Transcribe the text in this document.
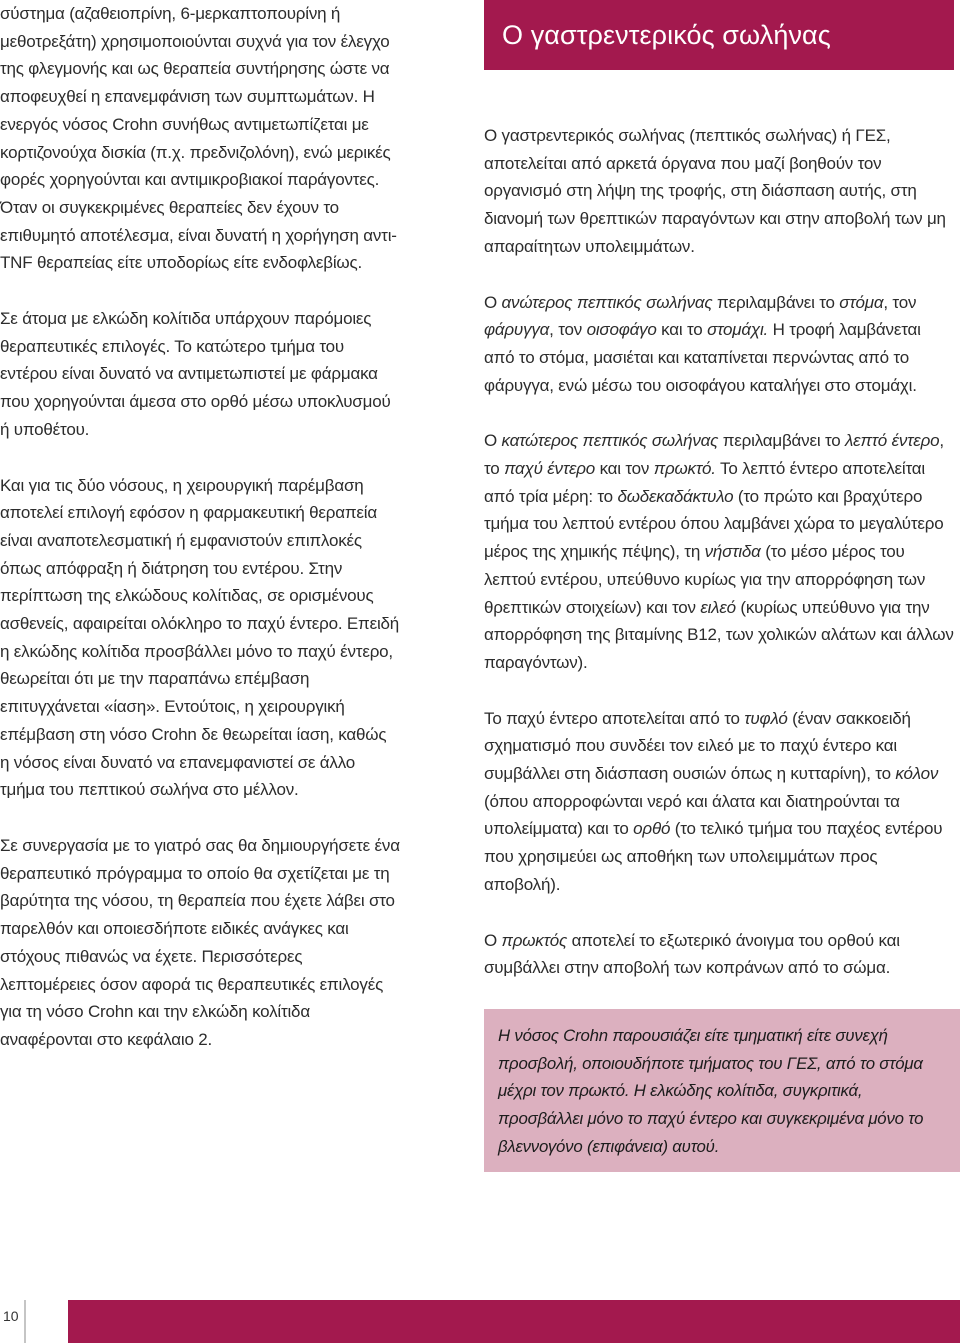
σύστημα (αζαθειοπρίνη, 6-μερκαπτοπουρίνη ή μεθοτρεξάτη) χρησιμοποιούνται συχνά για τον έλεγχο της φλεγμονής και ως θεραπεία συντήρησης ώστε να αποφευχθεί η επανεμφάνιση των συμπτωμάτων. Η ενεργός νόσος Crohn συνήθως αντιμετωπίζεται με κορτιζονούχα δισκία (π.χ. πρεδνιζολόνη), ενώ μερικές φορές χορηγούνται και αντιμικροβιακοί παράγοντες. Όταν οι συγκεκριμένες θεραπείες δεν έχουν το επιθυμητό αποτέλεσμα, είναι δυνατή η χορήγηση αντι-TNF θεραπείας είτε υποδορίως είτε ενδοφλεβίως.

Σε άτομα με ελκώδη κολίτιδα υπάρχουν παρόμοιες θεραπευτικές επιλογές. Το κατώτερο τμήμα του εντέρου είναι δυνατό να αντιμετωπιστεί με φάρμακα που χορηγούνται άμεσα στο ορθό μέσω υποκλυσμού ή υποθέτου.

Και για τις δύο νόσους, η χειρουργική παρέμβαση αποτελεί επιλογή εφόσον η φαρμακευτική θεραπεία είναι αναποτελεσματική ή εμφανιστούν επιπλοκές όπως απόφραξη ή διάτρηση του εντέρου. Στην περίπτωση της ελκώδους κολίτιδας, σε ορισμένους ασθενείς, αφαιρείται ολόκληρο το παχύ έντερο. Επειδή η ελκώδης κολίτιδα προσβάλλει μόνο το παχύ έντερο, θεωρείται ότι με την παραπάνω επέμβαση επιτυγχάνεται «ίαση». Εντούτοις, η χειρουργική επέμβαση στη νόσο Crohn δε θεωρείται ίαση, καθώς η νόσος είναι δυνατό να επανεμφανιστεί σε άλλο τμήμα του πεπτικού σωλήνα στο μέλλον.

Σε συνεργασία με το γιατρό σας θα δημιουργήσετε ένα θεραπευτικό πρόγραμμα το οποίο θα σχετίζεται με τη βαρύτητα της νόσου, τη θεραπεία που έχετε λάβει στο παρελθόν και οποιεσδήποτε ειδικές ανάγκες και στόχους πιθανώς να έχετε. Περισσότερες λεπτομέρειες όσον αφορά τις θεραπευτικές επιλογές για τη νόσο Crohn και την ελκώδη κολίτιδα αναφέρονται στο κεφάλαιο 2.

Ο γαστρεντερικός σωλήνας

Ο γαστρεντερικός σωλήνας (πεπτικός σωλήνας) ή ΓΕΣ, αποτελείται από αρκετά όργανα που μαζί βοηθούν τον οργανισμό στη λήψη της τροφής, στη διάσπαση αυτής, στη διανομή των θρεπτικών παραγόντων και στην αποβολή των μη απαραίτητων υπολειμμάτων.

Ο ανώτερος πεπτικός σωλήνας περιλαμβάνει το στόμα, τον φάρυγγα, τον οισοφάγο και το στομάχι. Η τροφή λαμβάνεται από το στόμα, μασιέται και καταπίνεται περνώντας από το φάρυγγα, ενώ μέσω του οισοφάγου καταλήγει στο στομάχι.

Ο κατώτερος πεπτικός σωλήνας περιλαμβάνει το λεπτό έντερο, το παχύ έντερο και τον πρωκτό. Το λεπτό έντερο αποτελείται από τρία μέρη: το δωδεκαδάκτυλο (το πρώτο και βραχύτερο τμήμα του λεπτού εντέρου όπου λαμβάνει χώρα το μεγαλύτερο μέρος της χημικής πέψης), τη νήστιδα (το μέσο μέρος του λεπτού εντέρου, υπεύθυνο κυρίως για την απορρόφηση των θρεπτικών στοιχείων) και τον ειλεό (κυρίως υπεύθυνο για την απορρόφηση της βιταμίνης Β12, των χολικών αλάτων και άλλων παραγόντων).

Το παχύ έντερο αποτελείται από το τυφλό (έναν σακκοειδή σχηματισμό που συνδέει τον ειλεό με το παχύ έντερο και συμβάλλει στη διάσπαση ουσιών όπως η κυτταρίνη), το κόλον (όπου απορροφώνται νερό και άλατα και διατηρούνται τα υπολείμματα) και το ορθό (το τελικό τμήμα του παχέος εντέρου που χρησιμεύει ως αποθήκη των υπολειμμάτων προς αποβολή).

Ο πρωκτός αποτελεί το εξωτερικό άνοιγμα του ορθού και συμβάλλει στην αποβολή των κοπράνων από το σώμα.

Η νόσος Crohn παρουσιάζει είτε τμηματική είτε συνεχή προσβολή, οποιουδήποτε τμήματος του ΓΕΣ, από το στόμα μέχρι τον πρωκτό. Η ελκώδης κολίτιδα, συγκριτικά, προσβάλλει μόνο το παχύ έντερο και συγκεκριμένα μόνο το βλεννογόνο (επιφάνεια) αυτού.

10
